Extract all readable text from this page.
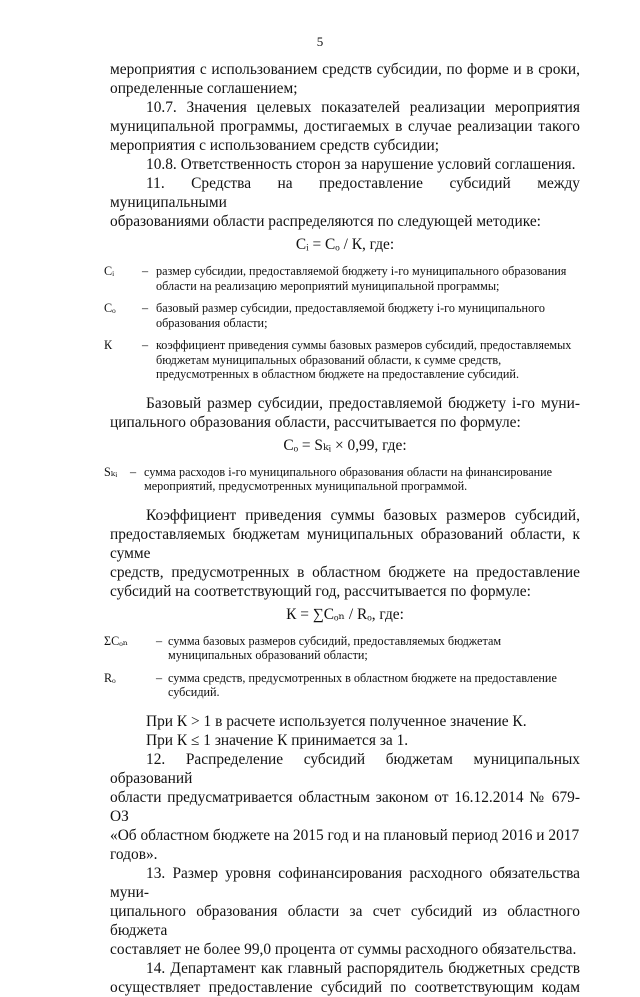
5

мероприятия с использованием средств субсидии, по форме и в сроки,

определенные соглашением;

10.7. Значения целевых показателей реализации мероприятия

муниципальной программы, достигаемых в случае реализации такого

мероприятия с использованием средств субсидии;

10.8. Ответственность сторон за нарушение условий соглашения.

11. Средства на предоставление субсидий между муниципальными

образованиями области распределяются по следующей методике:

Cᵢ = Cₒ / К, где:

Cᵢ	– размер субсидии, предоставляемой бюджету i-го муниципального образования области на реализацию мероприятий муниципальной программы;
Cₒ	– базовый размер субсидии, предоставляемой бюджету i-го муниципального образования области;
К	– коэффициент приведения суммы базовых размеров субсидий, предоставляемых бюджетам муниципальных образований области, к сумме средств, предусмотренных в областном бюджете на предоставление субсидий.

Базовый размер субсидии, предоставляемой бюджету i-го муни-

ципального образования области, рассчитывается по формуле:

Cₒ = Sₖᵢ × 0,99, где:

Sₖᵢ	– сумма расходов i-го муниципального образования области на финансирование мероприятий, предусмотренных муниципальной программой.

Коэффициент приведения суммы базовых размеров субсидий,

предоставляемых бюджетам муниципальных образований области, к сумме

средств, предусмотренных в областном бюджете на предоставление

субсидий на соответствующий год, рассчитывается по формуле:

К = ∑Cₒₙ / Rₒ, где:

ΣCₒₙ	– сумма базовых размеров субсидий, предоставляемых бюджетам муниципальных образований области;
Rₒ	– сумма средств, предусмотренных в областном бюджете на предоставление субсидий.

При К > 1 в расчете используется полученное значение К.

При К ≤ 1 значение К принимается за 1.

12. Распределение субсидий бюджетам муниципальных образований

области предусматривается областным законом от 16.12.2014 № 679-ОЗ

«Об областном бюджете на 2015 год и на плановый период 2016 и 2017 годов».

13. Размер уровня софинансирования расходного обязательства муни-

ципального образования области за счет субсидий из областного бюджета

составляет не более 99,0 процента от суммы расходного обязательства.

14. Департамент как главный распорядитель бюджетных средств

осуществляет предоставление субсидий по соответствующим кодам
